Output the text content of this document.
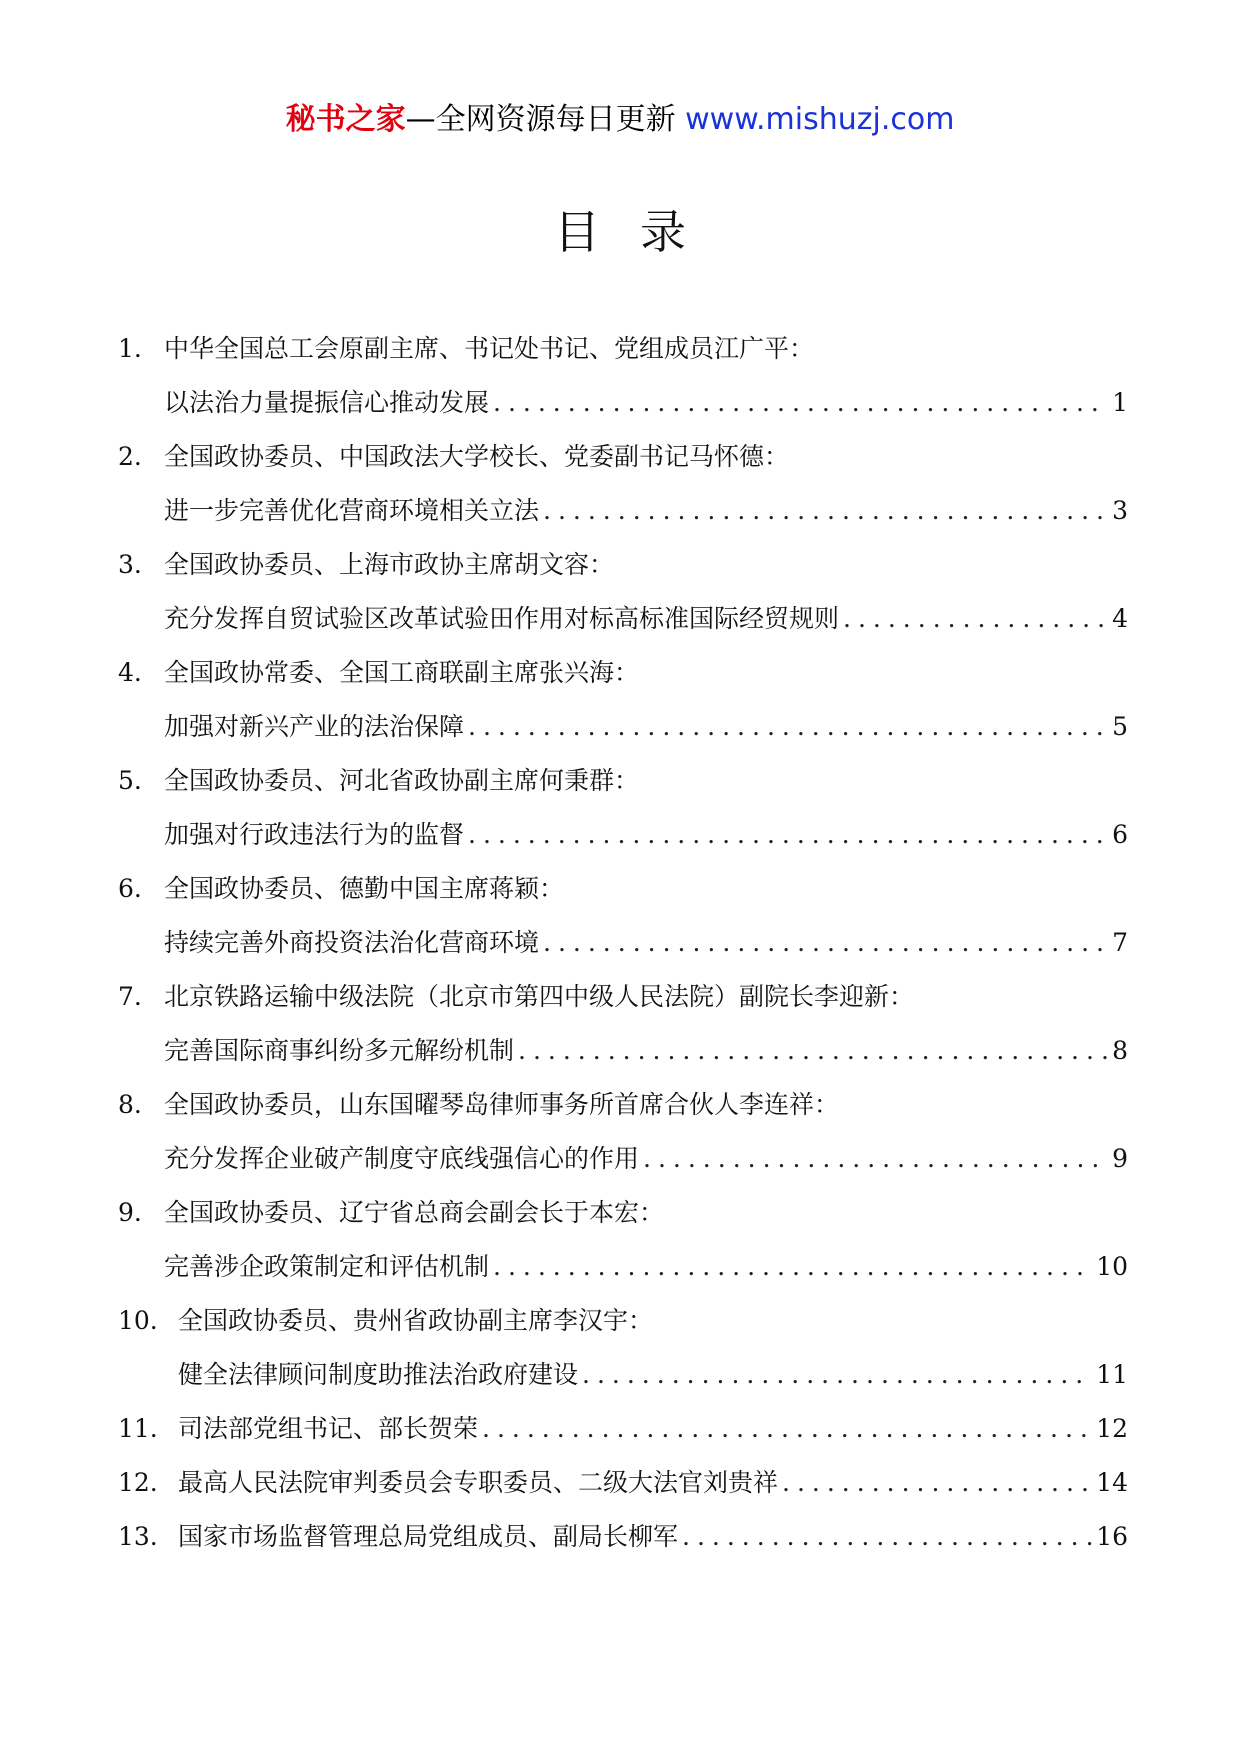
秘书之家—全网资源每日更新 www.mishuzj.com
目录
1. 中华全国总工会原副主席、书记处书记、党组成员江广平：
以法治力量提振信心推动发展 .....	1
2. 全国政协委员、中国政法大学校长、党委副书记马怀德：
进一步完善优化营商环境相关立法 .....	3
3. 全国政协委员、上海市政协主席胡文容：
充分发挥自贸试验区改革试验田作用对标高标准国际经贸规则 .....	4
4. 全国政协常委、全国工商联副主席张兴海：
加强对新兴产业的法治保障 .....	5
5. 全国政协委员、河北省政协副主席何秉群：
加强对行政违法行为的监督 .....	6
6. 全国政协委员、德勤中国主席蒋颖：
持续完善外商投资法治化营商环境 .....	7
7. 北京铁路运输中级法院（北京市第四中级人民法院）副院长李迎新：
完善国际商事纠纷多元解纷机制 .....	8
8. 全国政协委员，山东国曜琴岛律师事务所首席合伙人李连祥：
充分发挥企业破产制度守底线强信心的作用 .....	9
9. 全国政协委员、辽宁省总商会副会长于本宏：
完善涉企政策制定和评估机制 .....	10
10. 全国政协委员、贵州省政协副主席李汉宇：
健全法律顾问制度助推法治政府建设 .....	11
11. 司法部党组书记、部长贺荣 .....	12
12. 最高人民法院审判委员会专职委员、二级大法官刘贵祥 .....	14
13. 国家市场监督管理总局党组成员、副局长柳军 .....	16
